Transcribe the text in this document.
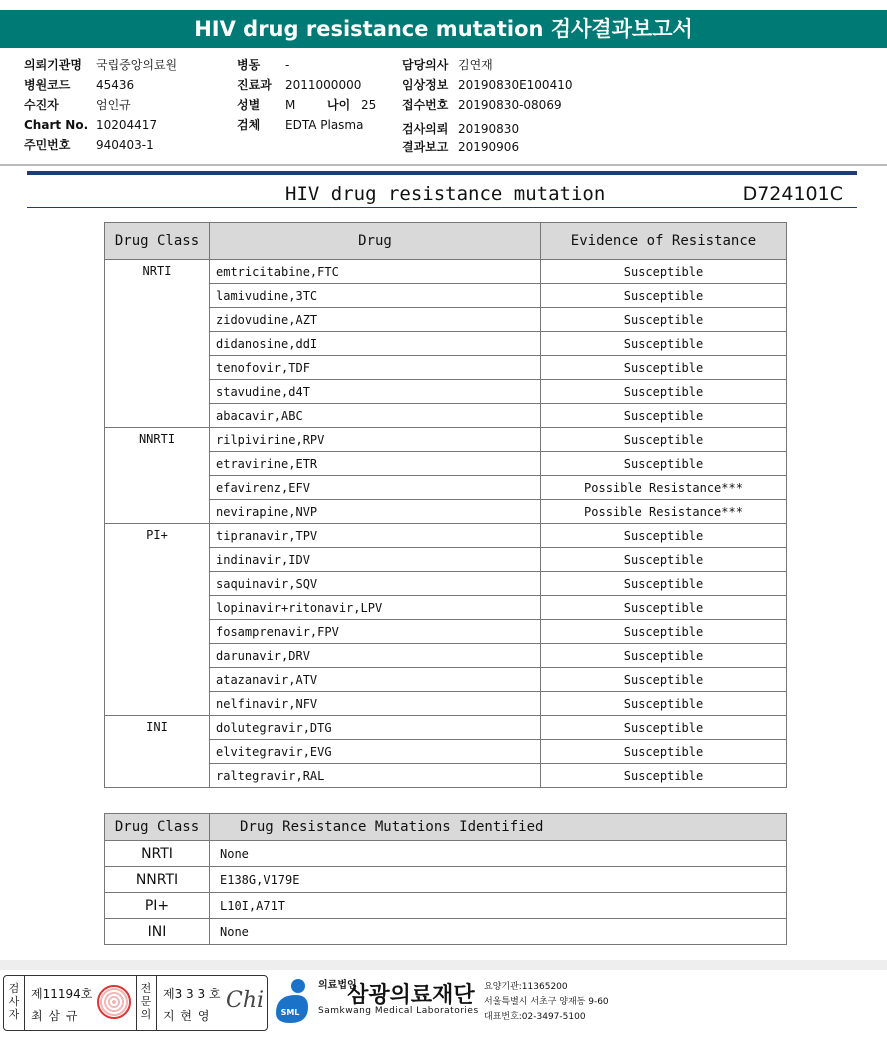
HIV drug resistance mutation 검사결과보고서
의뢰기관명 국립중앙의료원
병원코드 45436
수진자	엄인규
Chart No. 10204417
주민번호 940403-1
병동 -
진료과 2011000000
성별 M
검체 EDTA Plasma
담당의사 김연재
임상정보 20190830E100410
접수번호 20190830-08069
검사의뢰 20190830
결과보고 20190906
나이 25
HIV drug resistance mutation	D724101C
Drug Class	Drug	Evidence of Resistance
NRTI	emtricitabine,FTC	Susceptible
	lamivudine,3TC	Susceptible
	zidovudine,AZT	Susceptible
	didanosine,ddI	Susceptible
	tenofovir,TDF	Susceptible
	stavudine,d4T	Susceptible
	abacavir,ABC	Susceptible
NNRTI	rilpivirine,RPV	Susceptible
	etravirine,ETR	Susceptible
	efavirenz,EFV	Possible Resistance***
	nevirapine,NVP	Possible Resistance***
PI+	tipranavir,TPV	Susceptible
	indinavir,IDV	Susceptible
	saquinavir,SQV	Susceptible
	lopinavir+ritonavir,LPV	Susceptible
	fosamprenavir,FPV	Susceptible
	darunavir,DRV	Susceptible
	atazanavir,ATV	Susceptible
	nelfinavir,NFV	Susceptible
INI	dolutegravir,DTG	Susceptible
	elvitegravir,EVG	Susceptible
	raltegravir,RAL	Susceptible
Drug Class	Drug Resistance Mutations Identified
NRTI	None
NNRTI	E138G,V179E
PI+	L10I,A71T
INI	None
검사자
제11194호
최 삼 규
전문의
제3 3 3 호
지 현 영
Chi SML
의료법인 삼광의료재단
Samkwang Medical Laboratories
요양기관:11365200
서울특별시 서초구 양재동 9-60
대표번호:02-3497-5100
